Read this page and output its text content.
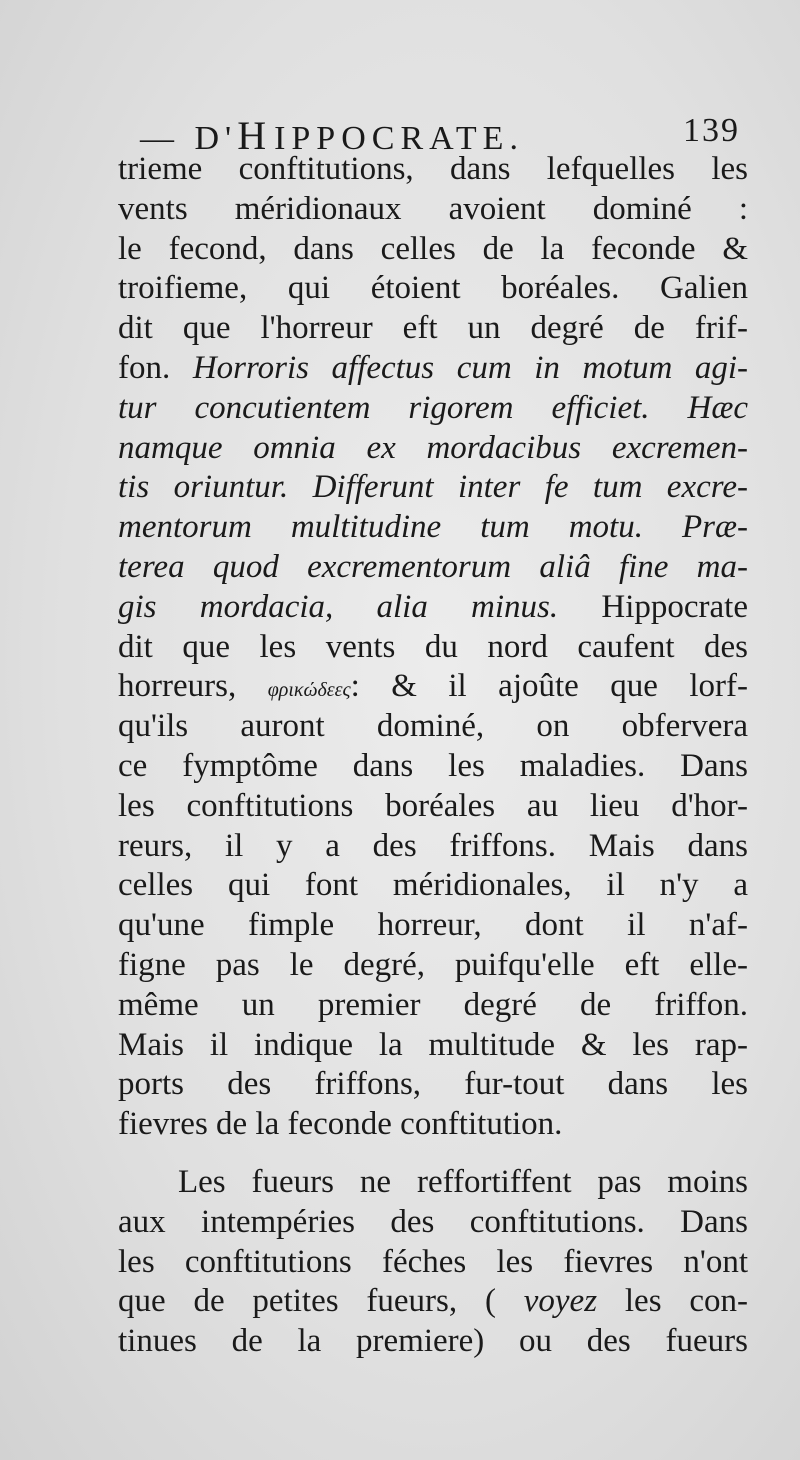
— D'HIPPOCRATE.	139
trieme conftitutions, dans lefquelles les
vents méridionaux avoient dominé :
le fecond, dans celles de la feconde &
troifieme, qui étoient boréales. Galien
dit que l'horreur eft un degré de frif-
fon. Horroris affectus cum in motum agi-
tur concutientem rigorem efficiet. Hæc
namque omnia ex mordacibus excremen-
tis oriuntur. Differunt inter fe tum excre-
mentorum multitudine tum motu. Præ-
terea quod excrementorum aliâ fine ma-
gis mordacia, alia minus. Hippocrate
dit que les vents du nord caufent des
horreurs, φρικώδεες: & il ajoûte que lorf-
qu'ils auront dominé, on obfervera
ce fymptôme dans les maladies. Dans
les conftitutions boréales au lieu d'hor-
reurs, il y a des friffons. Mais dans
celles qui font méridionales, il n'y a
qu'une fimple horreur, dont il n'af-
figne pas le degré, puifqu'elle eft elle-
même un premier degré de friffon.
Mais il indique la multitude & les rap-
ports des friffons, fur-tout dans les
fievres de la feconde conftitution.
Les fueurs ne reffortiffent pas moins
aux intempéries des conftitutions. Dans
les conftitutions féches les fievres n'ont
que de petites fueurs, ( voyez les con-
tinues de la premiere) ou des fueurs
